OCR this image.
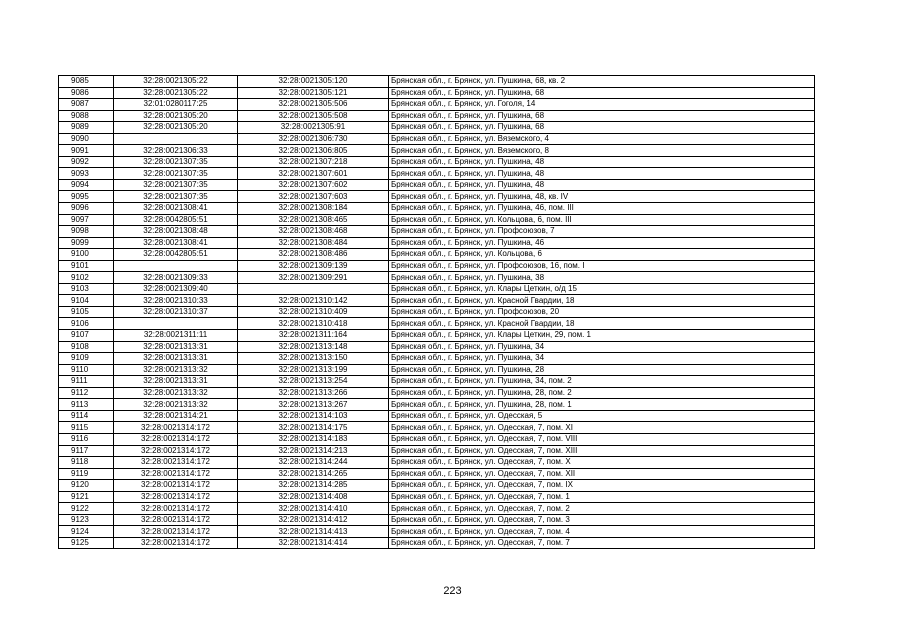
9085	32:28:0021305:22	32:28:0021305:120	Брянская обл., г. Брянск, ул. Пушкина, 68, кв. 2
9086	32:28:0021305:22	32:28:0021305:121	Брянская обл., г. Брянск, ул. Пушкина, 68
9087	32:01:0280117:25	32:28:0021305:506	Брянская обл., г. Брянск, ул. Гоголя, 14
9088	32:28:0021305:20	32:28:0021305:508	Брянская обл., г. Брянск, ул. Пушкина, 68
9089	32:28:0021305:20	32:28:0021305:91	Брянская обл., г. Брянск, ул. Пушкина, 68
9090		32:28:0021306:730	Брянская обл., г. Брянск, ул. Вяземского, 4
9091	32:28:0021306:33	32:28:0021306:805	Брянская обл., г. Брянск, ул. Вяземского, 8
9092	32:28:0021307:35	32:28:0021307:218	Брянская обл., г. Брянск, ул. Пушкина, 48
9093	32:28:0021307:35	32:28:0021307:601	Брянская обл., г. Брянск, ул. Пушкина, 48
9094	32:28:0021307:35	32:28:0021307:602	Брянская обл., г. Брянск, ул. Пушкина, 48
9095	32:28:0021307:35	32:28:0021307:603	Брянская обл., г. Брянск, ул. Пушкина, 48, кв. IV
9096	32:28:0021308:41	32:28:0021308:184	Брянская обл., г. Брянск, ул. Пушкина, 46, пом. III
9097	32:28:0042805:51	32:28:0021308:465	Брянская обл., г. Брянск, ул. Кольцова, 6, пом. III
9098	32:28:0021308:48	32:28:0021308:468	Брянская обл., г. Брянск, ул. Профсоюзов, 7
9099	32:28:0021308:41	32:28:0021308:484	Брянская обл., г. Брянск, ул. Пушкина, 46
9100	32:28:0042805:51	32:28:0021308:486	Брянская обл., г. Брянск, ул. Кольцова, 6
9101		32:28:0021309:139	Брянская обл., г. Брянск, ул. Профсоюзов, 16, пом. I
9102	32:28:0021309:33	32:28:0021309:291	Брянская обл., г. Брянск, ул. Пушкина, 38
9103	32:28:0021309:40		Брянская обл., г. Брянск, ул. Клары Цеткин, о/д 15
9104	32:28:0021310:33	32:28:0021310:142	Брянская обл., г. Брянск, ул. Красной Гвардии, 18
9105	32:28:0021310:37	32:28:0021310:409	Брянская обл., г. Брянск, ул. Профсоюзов, 20
9106		32:28:0021310:418	Брянская обл., г. Брянск, ул. Красной Гвардии, 18
9107	32:28:0021311:11	32:28:0021311:164	Брянская обл., г. Брянск, ул. Клары Цеткин, 29, пом. 1
9108	32:28:0021313:31	32:28:0021313:148	Брянская обл., г. Брянск, ул. Пушкина, 34
9109	32:28:0021313:31	32:28:0021313:150	Брянская обл., г. Брянск, ул. Пушкина, 34
9110	32:28:0021313:32	32:28:0021313:199	Брянская обл., г. Брянск, ул. Пушкина, 28
9111	32:28:0021313:31	32:28:0021313:254	Брянская обл., г. Брянск, ул. Пушкина, 34, пом. 2
9112	32:28:0021313:32	32:28:0021313:266	Брянская обл., г. Брянск, ул. Пушкина, 28, пом. 2
9113	32:28:0021313:32	32:28:0021313:267	Брянская обл., г. Брянск, ул. Пушкина, 28, пом. 1
9114	32:28:0021314:21	32:28:0021314:103	Брянская обл., г. Брянск, ул. Одесская, 5
9115	32:28:0021314:172	32:28:0021314:175	Брянская обл., г. Брянск, ул. Одесская, 7, пом. XI
9116	32:28:0021314:172	32:28:0021314:183	Брянская обл., г. Брянск, ул. Одесская, 7, пом. VIII
9117	32:28:0021314:172	32:28:0021314:213	Брянская обл., г. Брянск, ул. Одесская, 7, пом. XIII
9118	32:28:0021314:172	32:28:0021314:244	Брянская обл., г. Брянск, ул. Одесская, 7, пом. X
9119	32:28:0021314:172	32:28:0021314:265	Брянская обл., г. Брянск, ул. Одесская, 7, пом. XII
9120	32:28:0021314:172	32:28:0021314:285	Брянская обл., г. Брянск, ул. Одесская, 7, пом. IX
9121	32:28:0021314:172	32:28:0021314:408	Брянская обл., г. Брянск, ул. Одесская, 7, пом. 1
9122	32:28:0021314:172	32:28:0021314:410	Брянская обл., г. Брянск, ул. Одесская, 7, пом. 2
9123	32:28:0021314:172	32:28:0021314:412	Брянская обл., г. Брянск, ул. Одесская, 7, пом. 3
9124	32:28:0021314:172	32:28:0021314:413	Брянская обл., г. Брянск, ул. Одесская, 7, пом. 4
9125	32:28:0021314:172	32:28:0021314:414	Брянская обл., г. Брянск, ул. Одесская, 7, пом. 7
223
